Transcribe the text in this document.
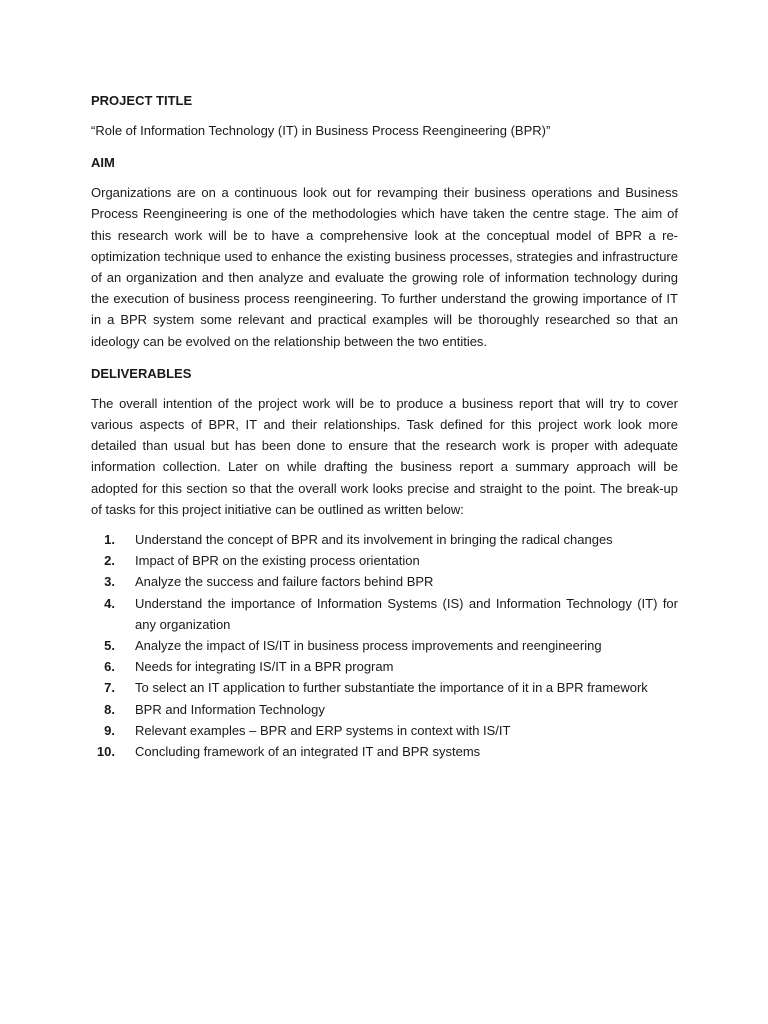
PROJECT TITLE

“Role of Information Technology (IT) in Business Process Reengineering (BPR)”

AIM

Organizations are on a continuous look out for revamping their business operations and Business Process Reengineering is one of the methodologies which have taken the centre stage. The aim of this research work will be to have a comprehensive look at the conceptual model of BPR a re-optimization technique used to enhance the existing business processes, strategies and infrastructure of an organization and then analyze and evaluate the growing role of information technology during the execution of business process reengineering. To further understand the growing importance of IT in a BPR system some relevant and practical examples will be thoroughly researched so that an ideology can be evolved on the relationship between the two entities.

DELIVERABLES

The overall intention of the project work will be to produce a business report that will try to cover various aspects of BPR, IT and their relationships. Task defined for this project work look more detailed than usual but has been done to ensure that the research work is proper with adequate information collection. Later on while drafting the business report a summary approach will be adopted for this section so that the overall work looks precise and straight to the point. The break-up of tasks for this project initiative can be outlined as written below:

1.	Understand the concept of BPR and its involvement in bringing the radical changes
2.	Impact of BPR on the existing process orientation
3.	Analyze the success and failure factors behind BPR
4.	Understand the importance of Information Systems (IS) and Information Technology (IT) for any organization
5.	Analyze the impact of IS/IT in business process improvements and reengineering
6.	Needs for integrating IS/IT in a BPR program
7.	To select an IT application to further substantiate the importance of it in a BPR framework
8.	BPR and Information Technology
9.	Relevant examples – BPR and ERP systems in context with IS/IT
10.	Concluding framework of an integrated IT and BPR systems
